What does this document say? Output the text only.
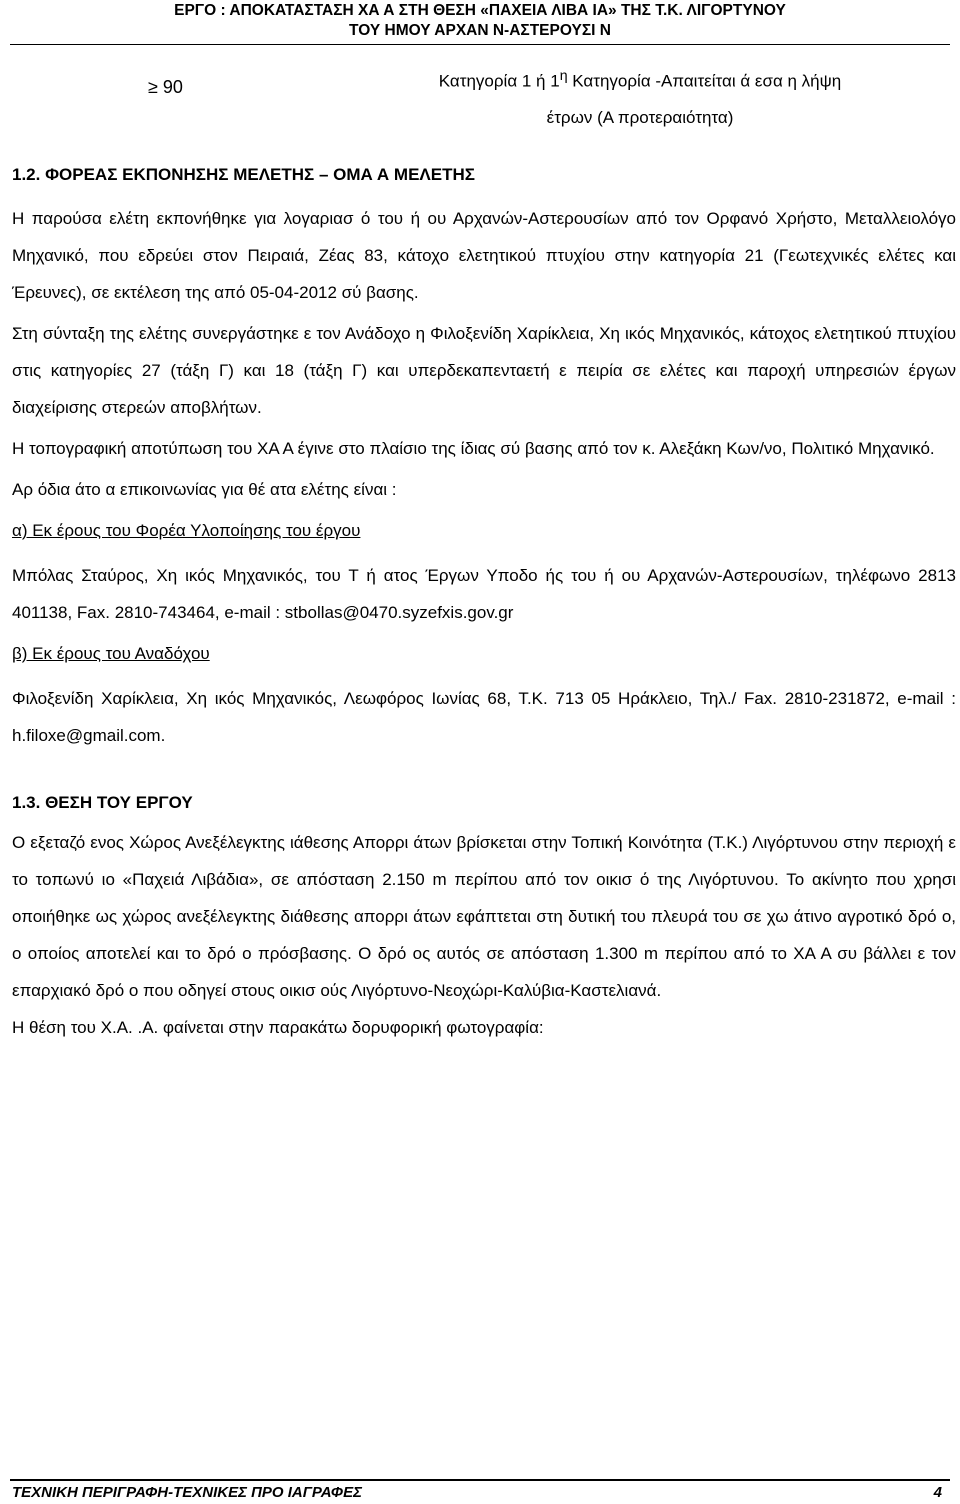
ΕΡΓΟ : ΑΠΟΚΑΤΑΣΤΑΣΗ ΧΑ Α ΣΤΗ ΘΕΣΗ «ΠΑΧΕΙΑ ΛΙΒΑ ΙΑ» ΤΗΣ Τ.Κ. ΛΙΓΟΡΤΥΝΟΥ
ΤΟΥ ΗΜΟΥ ΑΡΧΑΝ Ν-ΑΣΤΕΡΟΥΣΙ Ν
≥ 90	Κατηγορία 1 ή $1^\eta$ Κατηγορία -Απαιτείται ά εσα η λήψη
έτρων (Α προτεραιότητα)

1.2. ΦΟΡΕΑΣ ΕΚΠΟΝΗΣΗΣ ΜΕΛΕΤΗΣ – ΟΜΑ Α ΜΕΛΕΤΗΣ

Η παρούσα ελέτη εκπονήθηκε για λογαριασ ό του ή ου Αρχανών-Αστερουσίων από τον Ορφανό Χρήστο, Μεταλλειολόγο Μηχανικό, που εδρεύει στον Πειραιά, Ζέας 83, κάτοχο ελετητικού πτυχίου στην κατηγορία 21 (Γεωτεχνικές ελέτες και Έρευνες), σε εκτέλεση της από 05-04-2012 σύ βασης.

Στη σύνταξη της ελέτης συνεργάστηκε ε τον Ανάδοχο η Φιλοξενίδη Χαρίκλεια, Χη ικός Μηχανικός, κάτοχος ελετητικού πτυχίου στις κατηγορίες 27 (τάξη Γ) και 18 (τάξη Γ) και υπερδεκαπενταετή ε πειρία σε ελέτες και παροχή υπηρεσιών έργων διαχείρισης στερεών αποβλήτων.

Η τοπογραφική αποτύπωση του ΧΑ Α έγινε στο πλαίσιο της ίδιας σύ βασης από τον κ. Αλεξάκη Κων/νο, Πολιτικό Μηχανικό.

Αρ όδια άτο α επικοινωνίας για θέ ατα ελέτης είναι :

α) Εκ έρους του Φορέα Υλοποίησης του έργου

Μπόλας Σταύρος, Χη ικός Μηχανικός, του Τ ή ατος Έργων Υποδο ής του ή ου Αρχανών-Αστερουσίων, τηλέφωνο 2813 401138, Fax. 2810-743464, e-mail : stbollas@0470.syzefxis.gov.gr

β) Εκ έρους του Αναδόχου

Φιλοξενίδη Χαρίκλεια, Χη ικός Μηχανικός, Λεωφόρος Ιωνίας 68, Τ.Κ. 713 05 Ηράκλειο, Τηλ./ Fax. 2810-231872, e-mail : h.filoxe@gmail.com.

1.3. ΘΕΣΗ ΤΟΥ ΕΡΓΟΥ

Ο εξεταζό ενος Χώρος Ανεξέλεγκτης ιάθεσης Απορρι άτων βρίσκεται στην Τοπική Κοινότητα (Τ.Κ.) Λιγόρτυνου στην περιοχή ε το τοπωνύ ιο «Παχειά Λιβάδια», σε απόσταση 2.150 m περίπου από τον οικισ ό της Λιγόρτυνου. Το ακίνητο που χρησι οποιήθηκε ως χώρος ανεξέλεγκτης διάθεσης απορρι άτων εφάπτεται στη δυτική του πλευρά του σε χω άτινο αγροτικό δρό ο, ο οποίος αποτελεί και το δρό ο πρόσβασης. Ο δρό ος αυτός σε απόσταση 1.300 m περίπου από το ΧΑ Α συ βάλλει ε τον επαρχιακό δρό ο που οδηγεί στους οικισ ούς Λιγόρτυνο-Νεοχώρι-Καλύβια-Καστελιανά.

Η θέση του Χ.Α. .Α. φαίνεται στην παρακάτω δορυφορική φωτογραφία:

ΤΕΧΝΙΚΗ ΠΕΡΙΓΡΑΦΗ-ΤΕΧΝΙΚΕΣ ΠΡΟ ΙΑΓΡΑΦΕΣ	4
